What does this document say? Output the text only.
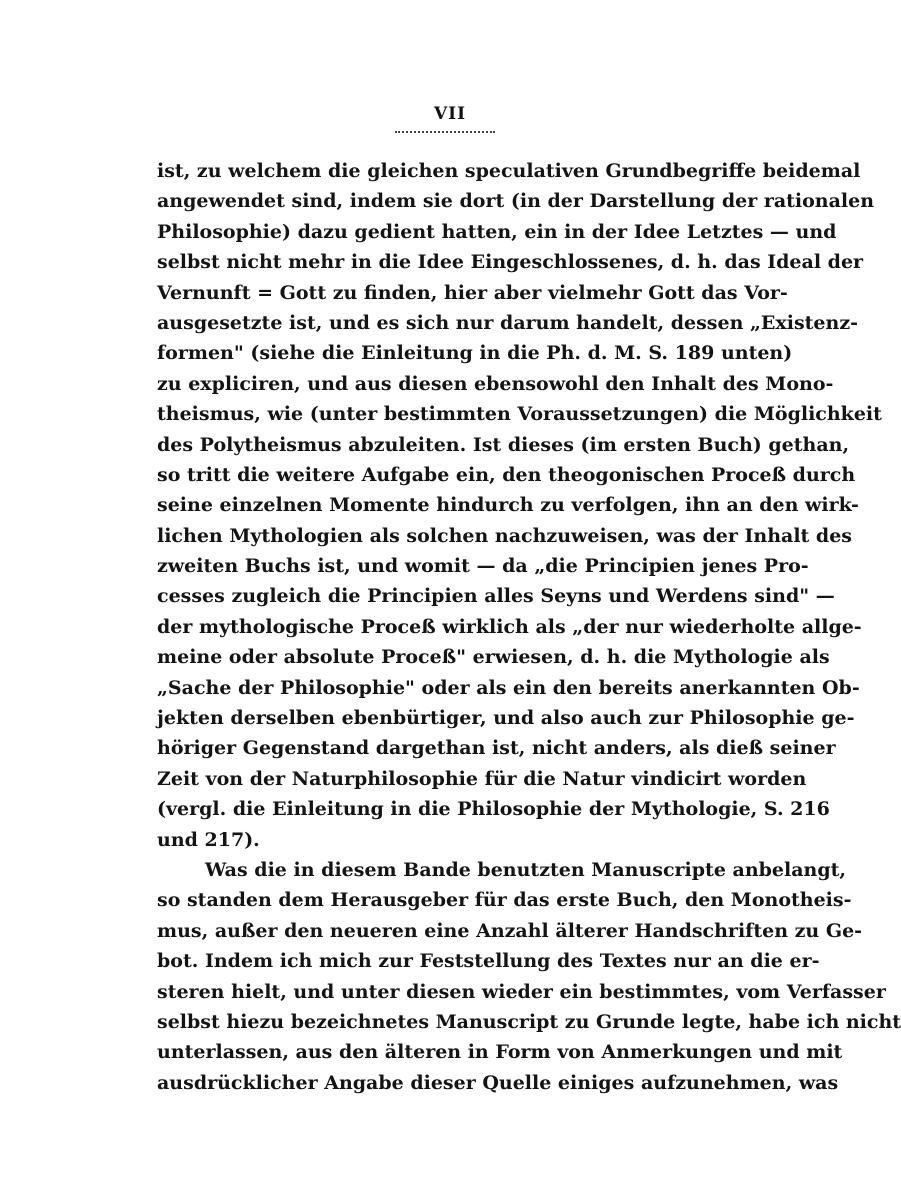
VII
ist, zu welchem die gleichen speculativen Grundbegriffe beidemal
angewendet sind, indem sie dort (in der Darstellung der rationalen
Philosophie) dazu gedient hatten, ein in der Idee Letztes — und
selbst nicht mehr in die Idee Eingeschlossenes, d. h. das Ideal der
Vernunft = Gott zu finden, hier aber vielmehr Gott das Vor-
ausgesetzte ist, und es sich nur darum handelt, dessen „Existenz-
formen" (siehe die Einleitung in die Ph. d. M. S. 189 unten)
zu expliciren, und aus diesen ebensowohl den Inhalt des Mono-
theismus, wie (unter bestimmten Voraussetzungen) die Möglichkeit
des Polytheismus abzuleiten. Ist dieses (im ersten Buch) gethan,
so tritt die weitere Aufgabe ein, den theogonischen Proceß durch
seine einzelnen Momente hindurch zu verfolgen, ihn an den wirk-
lichen Mythologien als solchen nachzuweisen, was der Inhalt des
zweiten Buchs ist, und womit — da „die Principien jenes Pro-
cesses zugleich die Principien alles Seyns und Werdens sind" —
der mythologische Proceß wirklich als „der nur wiederholte allge-
meine oder absolute Proceß" erwiesen, d. h. die Mythologie als
„Sache der Philosophie" oder als ein den bereits anerkannten Ob-
jekten derselben ebenbürtiger, und also auch zur Philosophie ge-
höriger Gegenstand dargethan ist, nicht anders, als dieß seiner
Zeit von der Naturphilosophie für die Natur vindicirt worden
(vergl. die Einleitung in die Philosophie der Mythologie, S. 216
und 217).
Was die in diesem Bande benutzten Manuscripte anbelangt,
so standen dem Herausgeber für das erste Buch, den Monotheis-
mus, außer den neueren eine Anzahl älterer Handschriften zu Ge-
bot. Indem ich mich zur Feststellung des Textes nur an die er-
steren hielt, und unter diesen wieder ein bestimmtes, vom Verfasser
selbst hiezu bezeichnetes Manuscript zu Grunde legte, habe ich nicht
unterlassen, aus den älteren in Form von Anmerkungen und mit
ausdrücklicher Angabe dieser Quelle einiges aufzunehmen, was
